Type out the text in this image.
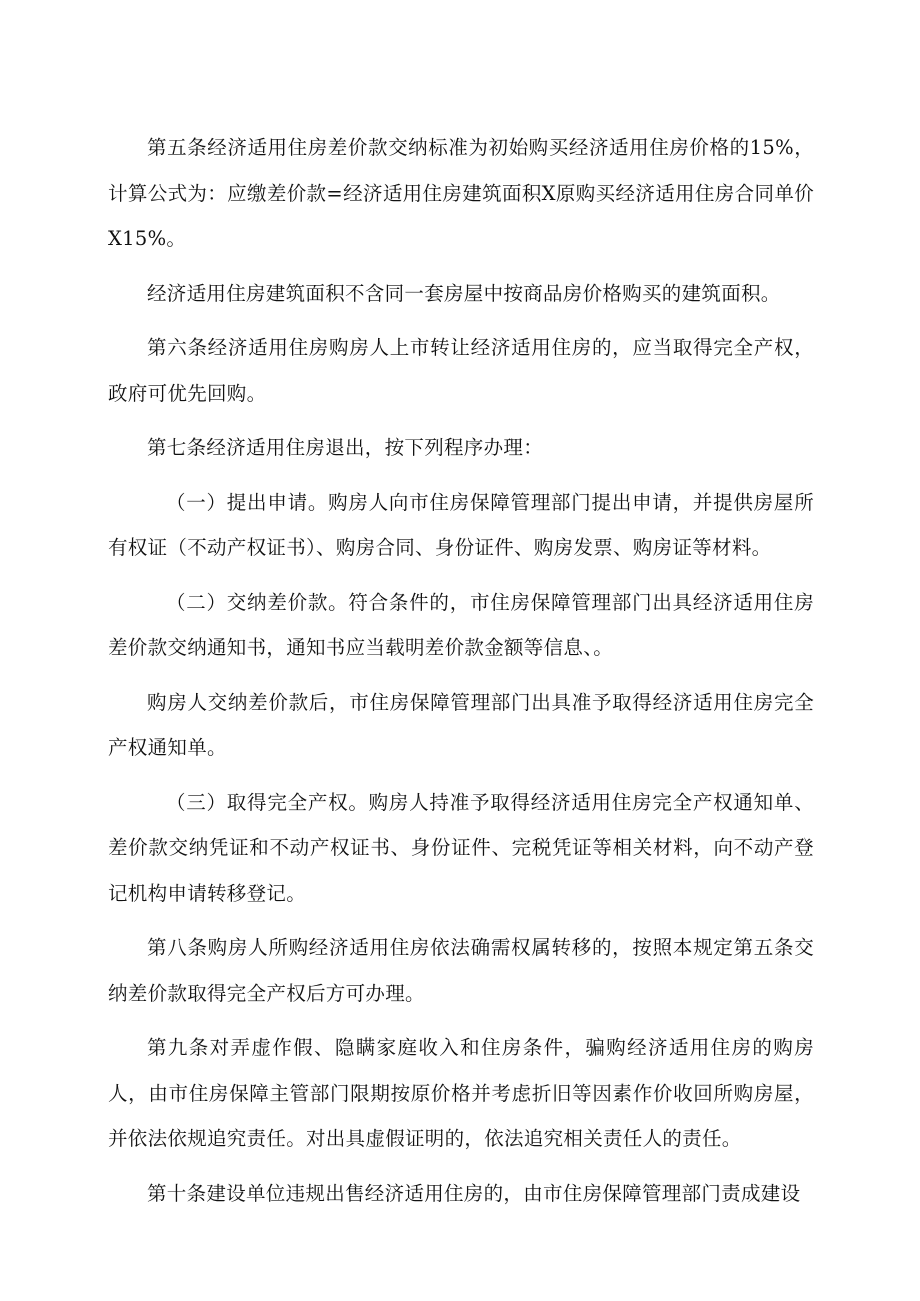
第五条经济适用住房差价款交纳标准为初始购买经济适用住房价格的15%，计算公式为：应缴差价款=经济适用住房建筑面积X原购买经济适用住房合同单价X15%。

经济适用住房建筑面积不含同一套房屋中按商品房价格购买的建筑面积。

第六条经济适用住房购房人上市转让经济适用住房的，应当取得完全产权，政府可优先回购。

第七条经济适用住房退出，按下列程序办理：

（一）提出申请。购房人向市住房保障管理部门提出申请，并提供房屋所有权证（不动产权证书）、购房合同、身份证件、购房发票、购房证等材料。

（二）交纳差价款。符合条件的，市住房保障管理部门出具经济适用住房差价款交纳通知书，通知书应当载明差价款金额等信息、。

购房人交纳差价款后，市住房保障管理部门出具准予取得经济适用住房完全产权通知单。

（三）取得完全产权。购房人持准予取得经济适用住房完全产权通知单、差价款交纳凭证和不动产权证书、身份证件、完税凭证等相关材料，向不动产登记机构申请转移登记。

第八条购房人所购经济适用住房依法确需权属转移的，按照本规定第五条交纳差价款取得完全产权后方可办理。

第九条对弄虚作假、隐瞒家庭收入和住房条件，骗购经济适用住房的购房人，由市住房保障主管部门限期按原价格并考虑折旧等因素作价收回所购房屋，并依法依规追究责任。对出具虚假证明的，依法追究相关责任人的责任。

第十条建设单位违规出售经济适用住房的，由市住房保障管理部门责成建设
